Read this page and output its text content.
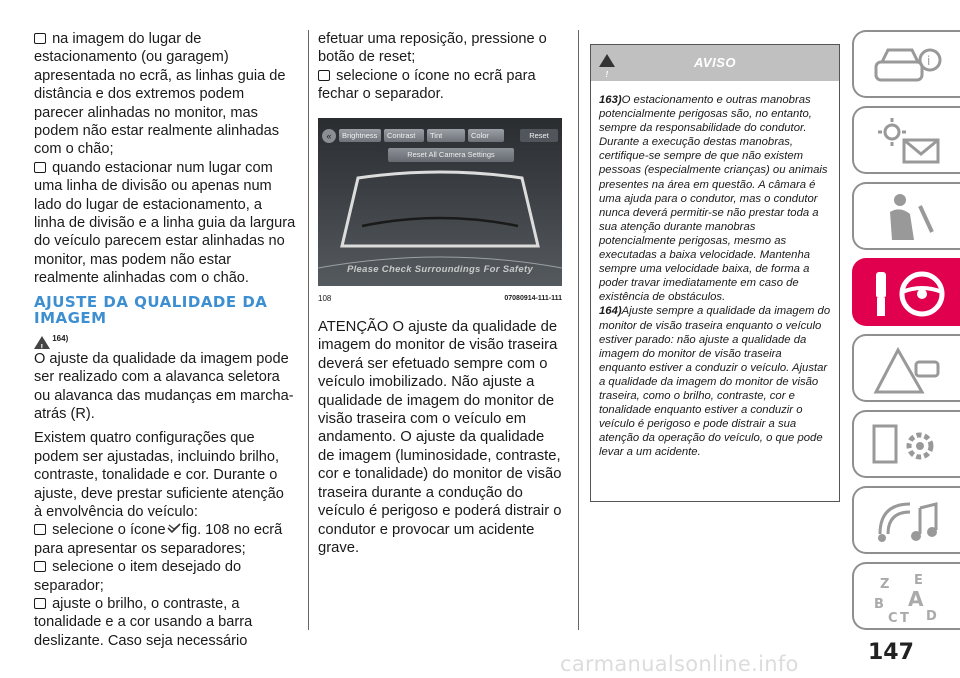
na imagem do lugar de estacionamento (ou garagem) apresentada no ecrã, as linhas guia de distância e dos extremos podem parecer alinhadas no monitor, mas podem não estar realmente alinhadas com o chão;

quando estacionar num lugar com uma linha de divisão ou apenas num lado do lugar de estacionamento, a linha de divisão e a linha guia da largura do veículo parecem estar alinhadas no monitor, mas podem não estar realmente alinhadas com o chão.

AJUSTE DA QUALIDADE DA IMAGEM
!
164)

O ajuste da qualidade da imagem pode ser realizado com a alavanca seletora ou alavanca das mudanças em marcha-atrás (R).

Existem quatro configurações que podem ser ajustadas, incluindo brilho, contraste, tonalidade e cor. Durante o ajuste, deve prestar suficiente atenção à envolvência do veículo:

selecione o ícone fig. 108 no ecrã para apresentar os separadores;

selecione o item desejado do separador;

ajuste o brilho, o contraste, a tonalidade e a cor usando a barra deslizante. Caso seja necessário

efetuar uma reposição, pressione o botão de reset;

selecione o ícone no ecrã para fechar o separador.

«	Brightness	Contrast	Tint	Color	Reset
Reset All Camera Settings
Please Check Surroundings For Safety
108	07080914-111-111

ATENÇÃO O ajuste da qualidade de imagem do monitor de visão traseira deverá ser efetuado sempre com o veículo imobilizado. Não ajuste a qualidade de imagem do monitor de visão traseira com o veículo em andamento. O ajuste da qualidade de imagem (luminosidade, contraste, cor e tonalidade) do monitor de visão traseira durante a condução do veículo é perigoso e poderá distrair o condutor e provocar um acidente grave.

!
AVISO

163)O estacionamento e outras manobras potencialmente perigosas são, no entanto, sempre da responsabilidade do condutor. Durante a execução destas manobras, certifique-se sempre de que não existem pessoas (especialmente crianças) ou animais presentes na área em questão. A câmara é uma ajuda para o condutor, mas o condutor nunca deverá permitir-se não prestar toda a sua atenção durante manobras potencialmente perigosas, mesmo as executadas a baixa velocidade. Mantenha sempre uma velocidade baixa, de forma a poder travar imediatamente em caso de existência de obstáculos.

164)Ajuste sempre a qualidade da imagem do monitor de visão traseira enquanto o veículo estiver parado: não ajuste a qualidade da imagem do monitor de visão traseira enquanto estiver a conduzir o veículo. Ajustar a qualidade da imagem do monitor de visão traseira, como o brilho, contraste, cor e tonalidade enquanto estiver a conduzir o veículo é perigoso e pode distrair a sua atenção da operação do veículo, o que pode levar a um acidente.

i
Z E
B A
C T D
147
carmanualsonline.info
